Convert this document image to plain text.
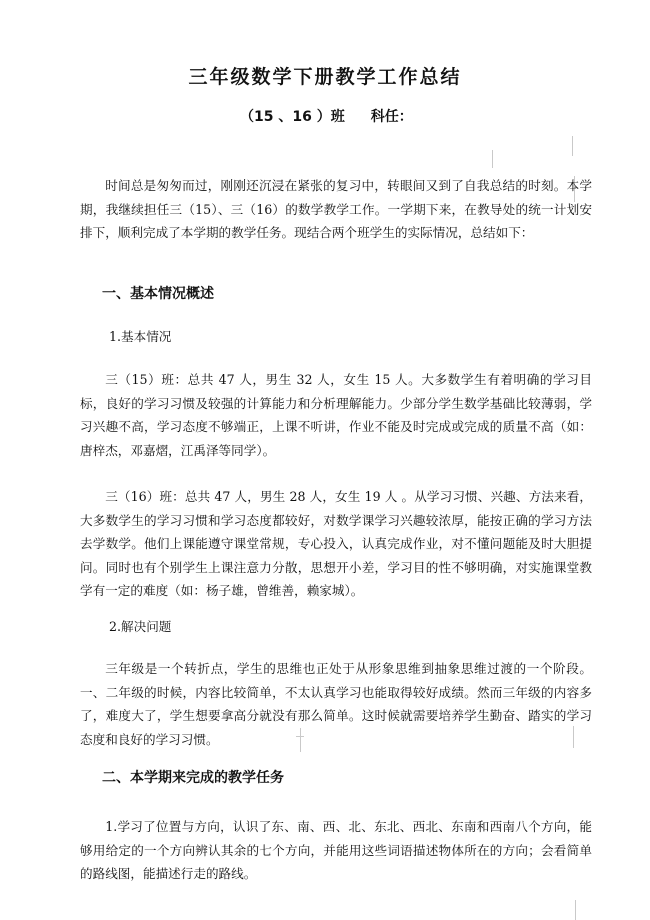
三年级数学下册教学工作总结

（15 、16 ）班 科任：

时间总是匆匆而过，刚刚还沉浸在紧张的复习中，转眼间又到了自我总结的时刻。本学期，我继续担任三（15）、三（16）的数学教学工作。一学期下来，在教导处的统一计划安排下，顺利完成了本学期的教学任务。现结合两个班学生的实际情况，总结如下：

一、基本情况概述

1.基本情况

三（15）班：总共 47 人，男生 32 人，女生 15 人。大多数学生有着明确的学习目标，良好的学习习惯及较强的计算能力和分析理解能力。少部分学生数学基础比较薄弱，学习兴趣不高，学习态度不够端正，上课不听讲，作业不能及时完成或完成的质量不高（如：唐梓杰，邓嘉熠，江禹泽等同学）。

三（16）班：总共 47 人，男生 28 人，女生 19 人 。从学习习惯、兴趣、方法来看，大多数学生的学习习惯和学习态度都较好，对数学课学习兴趣较浓厚，能按正确的学习方法去学数学。他们上课能遵守课堂常规，专心投入，认真完成作业，对不懂问题能及时大胆提问。同时也有个别学生上课注意力分散，思想开小差，学习目的性不够明确，对实施课堂教学有一定的难度（如：杨子雄，曾维善，赖家城）。

2.解决问题

三年级是一个转折点，学生的思维也正处于从形象思维到抽象思维过渡的一个阶段。一、二年级的时候，内容比较简单，不太认真学习也能取得较好成绩。然而三年级的内容多了，难度大了，学生想要拿高分就没有那么简单。这时候就需要培养学生勤奋、踏实的学习态度和良好的学习习惯。

二、本学期来完成的教学任务

1.学习了位置与方向，认识了东、南、西、北、东北、西北、东南和西南八个方向，能够用给定的一个方向辨认其余的七个方向，并能用这些词语描述物体所在的方向；会看简单的路线图，能描述行走的路线。
